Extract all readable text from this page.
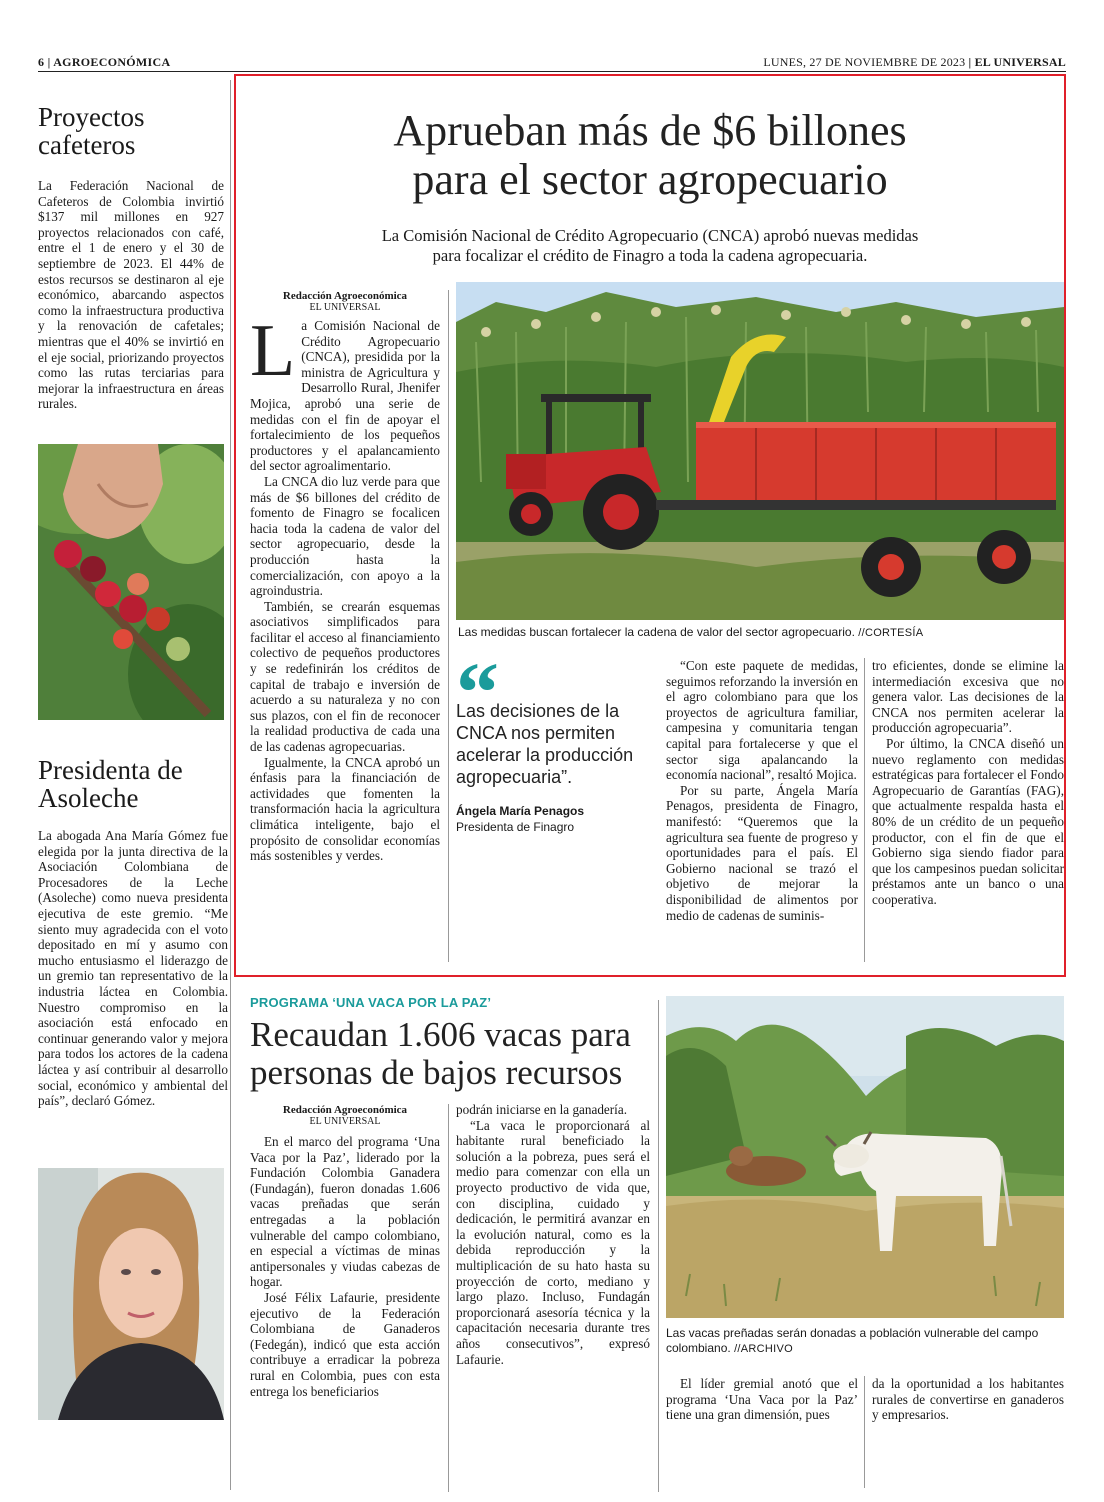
6 | AGROECONÓMICA	LUNES, 27 DE NOVIEMBRE DE 2023 | EL UNIVERSAL
Proyectos cafeteros

La Federación Nacional de Cafeteros de Colombia invirtió $137 mil millones en 927 proyectos relacionados con café, entre el 1 de enero y el 30 de septiembre de 2023. El 44% de estos recursos se destinaron al eje económico, abarcando aspectos como la infraestructura productiva y la renovación de cafetales; mientras que el 40% se invirtió en el eje social, priorizando proyectos como las rutas terciarias para mejorar la infraestructura en áreas rurales.

Presidenta de Asoleche

La abogada Ana María Gómez fue elegida por la junta directiva de la Asociación Colombiana de Procesadores de la Leche (Asoleche) como nueva presidenta ejecutiva de este gremio. “Me siento muy agradecida con el voto depositado en mí y asumo con mucho entusiasmo el liderazgo de un gremio tan representativo de la industria láctea en Colombia. Nuestro compromiso en la asociación está enfocado en continuar generando valor y mejora para todos los actores de la cadena láctea y así contribuir al desarrollo social, económico y ambiental del país”, declaró Gómez.

Aprueban más de $6 billones
para el sector agropecuario
La Comisión Nacional de Crédito Agropecuario (CNCA) aprobó nuevas medidas
para focalizar el crédito de Finagro a toda la cadena agropecuaria.
Redacción Agroeconómica
EL UNIVERSAL

La Comisión Nacional de Crédito Agropecuario (CNCA), presidida por la ministra de Agricultura y Desarrollo Rural, Jhenifer Mojica, aprobó una serie de medidas con el fin de apoyar el fortalecimiento de los pequeños productores y el apalancamiento del sector agroalimentario.

La CNCA dio luz verde para que más de $6 billones del crédito de fomento de Finagro se focalicen hacia toda la cadena de valor del sector agropecuario, desde la producción hasta la comercialización, con apoyo a la agroindustria.

También, se crearán esquemas asociativos simplificados para facilitar el acceso al financiamiento colectivo de pequeños productores y se redefinirán los créditos de capital de trabajo e inversión de acuerdo a su naturaleza y no con sus plazos, con el fin de reconocer la realidad productiva de cada una de las cadenas agropecuarias.

Igualmente, la CNCA aprobó un énfasis para la financiación de actividades que fomenten la transformación hacia la agricultura climática inteligente, bajo el propósito de consolidar economías más sostenibles y verdes.

Las medidas buscan fortalecer la cadena de valor del sector agropecuario. //CORTESÍA
“
Las decisiones de la CNCA nos permiten acelerar la producción agropecuaria”.
Ángela María Penagos
Presidenta de Finagro

“Con este paquete de medidas, seguimos reforzando la inversión en el agro colombiano para que los proyectos de agricultura familiar, campesina y comunitaria tengan capital para fortalecerse y que el sector siga apalancando la economía nacional”, resaltó Mojica.

Por su parte, Ángela María Penagos, presidenta de Finagro, manifestó: “Queremos que la agricultura sea fuente de progreso y oportunidades para el país. El Gobierno nacional se trazó el objetivo de mejorar la disponibilidad de alimentos por medio de cadenas de suminis-

tro eficientes, donde se elimine la intermediación excesiva que no genera valor. Las decisiones de la CNCA nos permiten acelerar la producción agropecuaria”.

Por último, la CNCA diseñó un nuevo reglamento con medidas estratégicas para fortalecer el Fondo Agropecuario de Garantías (FAG), que actualmente respalda hasta el 80% de un crédito de un pequeño productor, con el fin de que el Gobierno siga siendo fiador para que los campesinos puedan solicitar préstamos ante un banco o una cooperativa.

PROGRAMA ‘UNA VACA POR LA PAZ’
Recaudan 1.606 vacas para
personas de bajos recursos
Redacción Agroeconómica
EL UNIVERSAL

En el marco del programa ‘Una Vaca por la Paz’, liderado por la Fundación Colombia Ganadera (Fundagán), fueron donadas 1.606 vacas preñadas que serán entregadas a la población vulnerable del campo colombiano, en especial a víctimas de minas antipersonales y viudas cabezas de hogar.

José Félix Lafaurie, presidente ejecutivo de la Federación Colombiana de Ganaderos (Fedegán), indicó que esta acción contribuye a erradicar la pobreza rural en Colombia, pues con esta entrega los beneficiarios

podrán iniciarse en la ganadería.

“La vaca le proporcionará al habitante rural beneficiado la solución a la pobreza, pues será el medio para comenzar con ella un proyecto productivo de vida que, con disciplina, cuidado y dedicación, le permitirá avanzar en la evolución natural, como es la debida reproducción y la multiplicación de su hato hasta su proyección de corto, mediano y largo plazo. Incluso, Fundagán proporcionará asesoría técnica y la capacitación necesaria durante tres años consecutivos”, expresó Lafaurie.

Las vacas preñadas serán donadas a población vulnerable del campo colombiano. //ARCHIVO

El líder gremial anotó que el programa ‘Una Vaca por la Paz’ tiene una gran dimensión, pues

da la oportunidad a los habitantes rurales de convertirse en ganaderos y empresarios.
